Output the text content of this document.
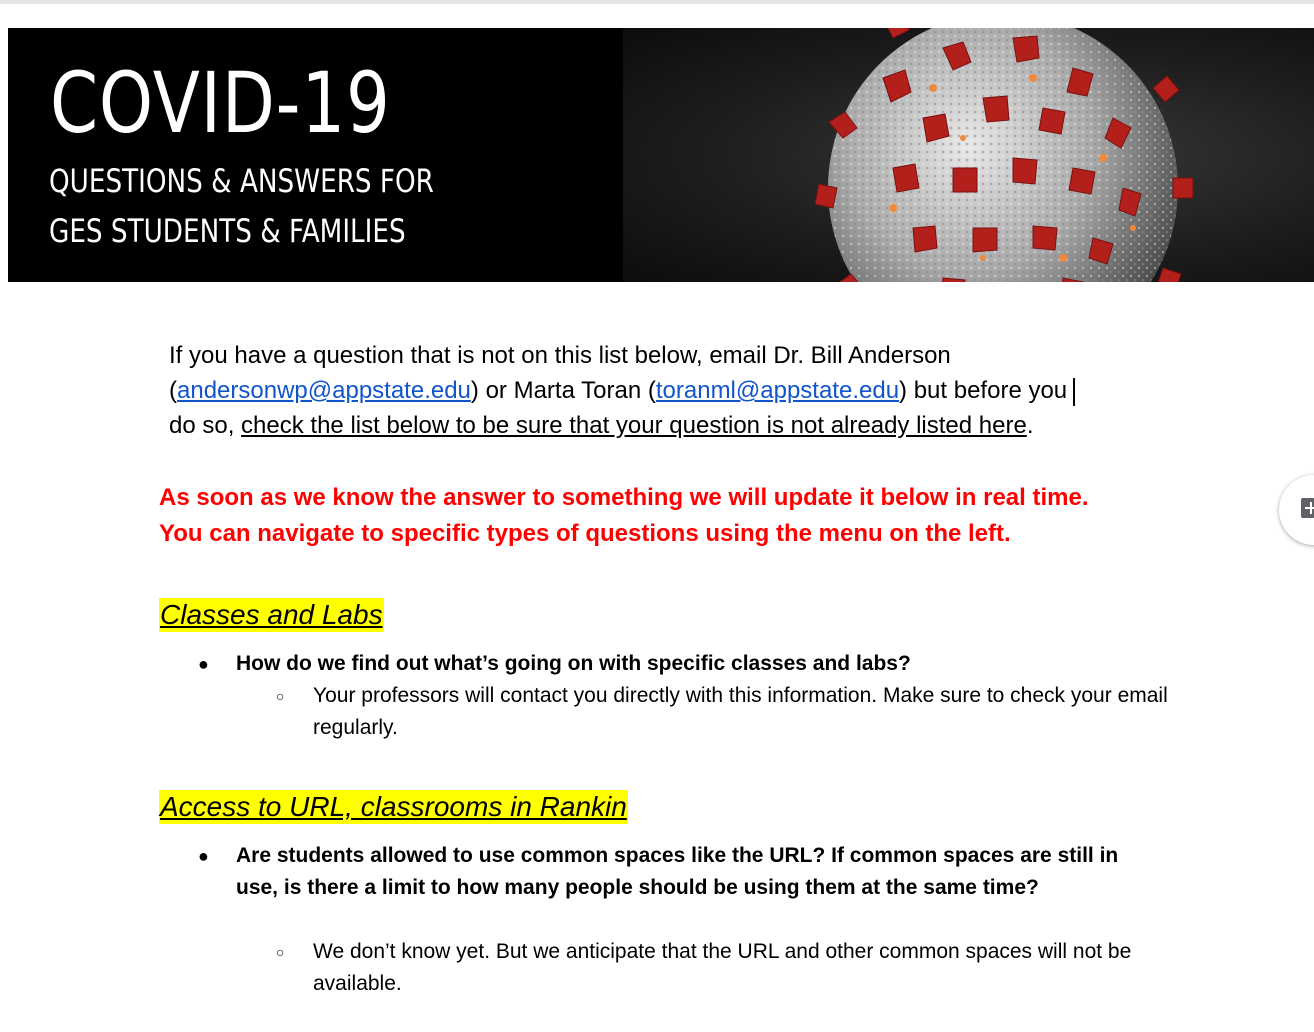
COVID-19
QUESTIONS & ANSWERS FOR
GES STUDENTS & FAMILIES
If you have a question that is not on this list below, email Dr. Bill Anderson (andersonwp@appstate.edu) or Marta Toran (toranml@appstate.edu) but before you
do so, check the list below to be sure that your question is not already listed here.
As soon as we know the answer to something we will update it below in real time.
You can navigate to specific types of questions using the menu on the left.
Classes and Labs
● How do we find out what’s going on with specific classes and labs?
○ Your professors will contact you directly with this information. Make sure to check your email regularly.
Access to URL, classrooms in Rankin
● Are students allowed to use common spaces like the URL? If common spaces are still in use, is there a limit to how many people should be using them at the same time?
○ We don’t know yet. But we anticipate that the URL and other common spaces will not be available.
